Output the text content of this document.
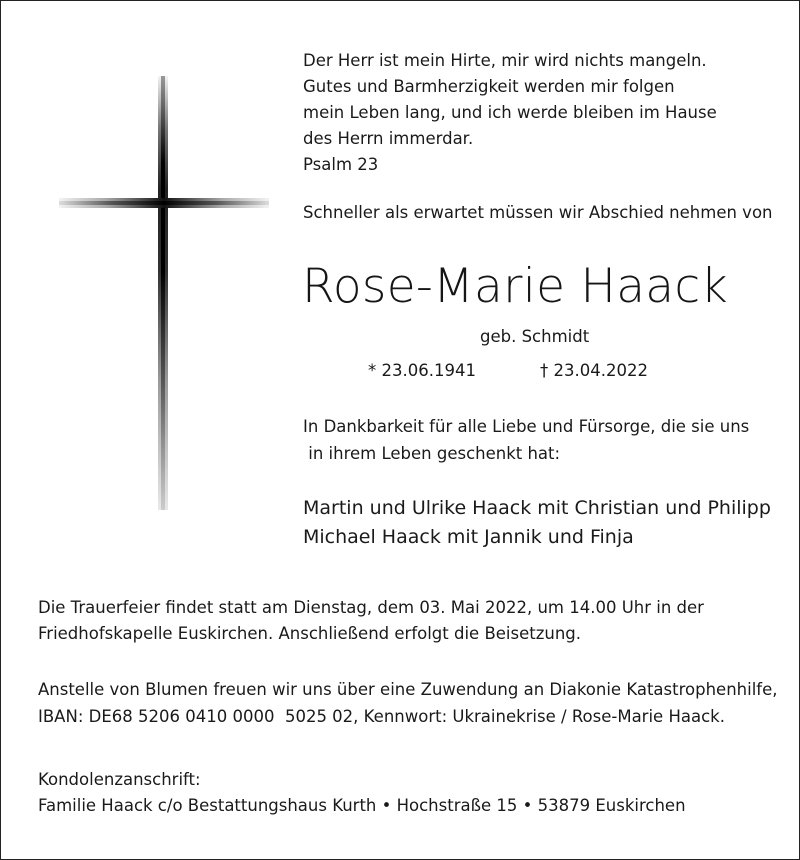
Der Herr ist mein Hirte, mir wird nichts mangeln.
Gutes und Barmherzigkeit werden mir folgen
mein Leben lang, und ich werde bleiben im Hause
des Herrn immerdar.
Psalm 23
Schneller als erwartet müssen wir Abschied nehmen von
Rose-Marie Haack
geb. Schmidt
* 23.06.1941	† 23.04.2022
In Dankbarkeit für alle Liebe und Fürsorge, die sie uns
in ihrem Leben geschenkt hat:
Martin und Ulrike Haack mit Christian und Philipp
Michael Haack mit Jannik und Finja
Die Trauerfeier findet statt am Dienstag, dem 03. Mai 2022, um 14.00 Uhr in der
Friedhofskapelle Euskirchen. Anschließend erfolgt die Beisetzung.
Anstelle von Blumen freuen wir uns über eine Zuwendung an Diakonie Katastrophenhilfe,
IBAN: DE68 5206 0410 0000  5025 02, Kennwort: Ukrainekrise / Rose-Marie Haack.
Kondolenzanschrift:
Familie Haack c/o Bestattungshaus Kurth • Hochstraße 15 • 53879 Euskirchen
